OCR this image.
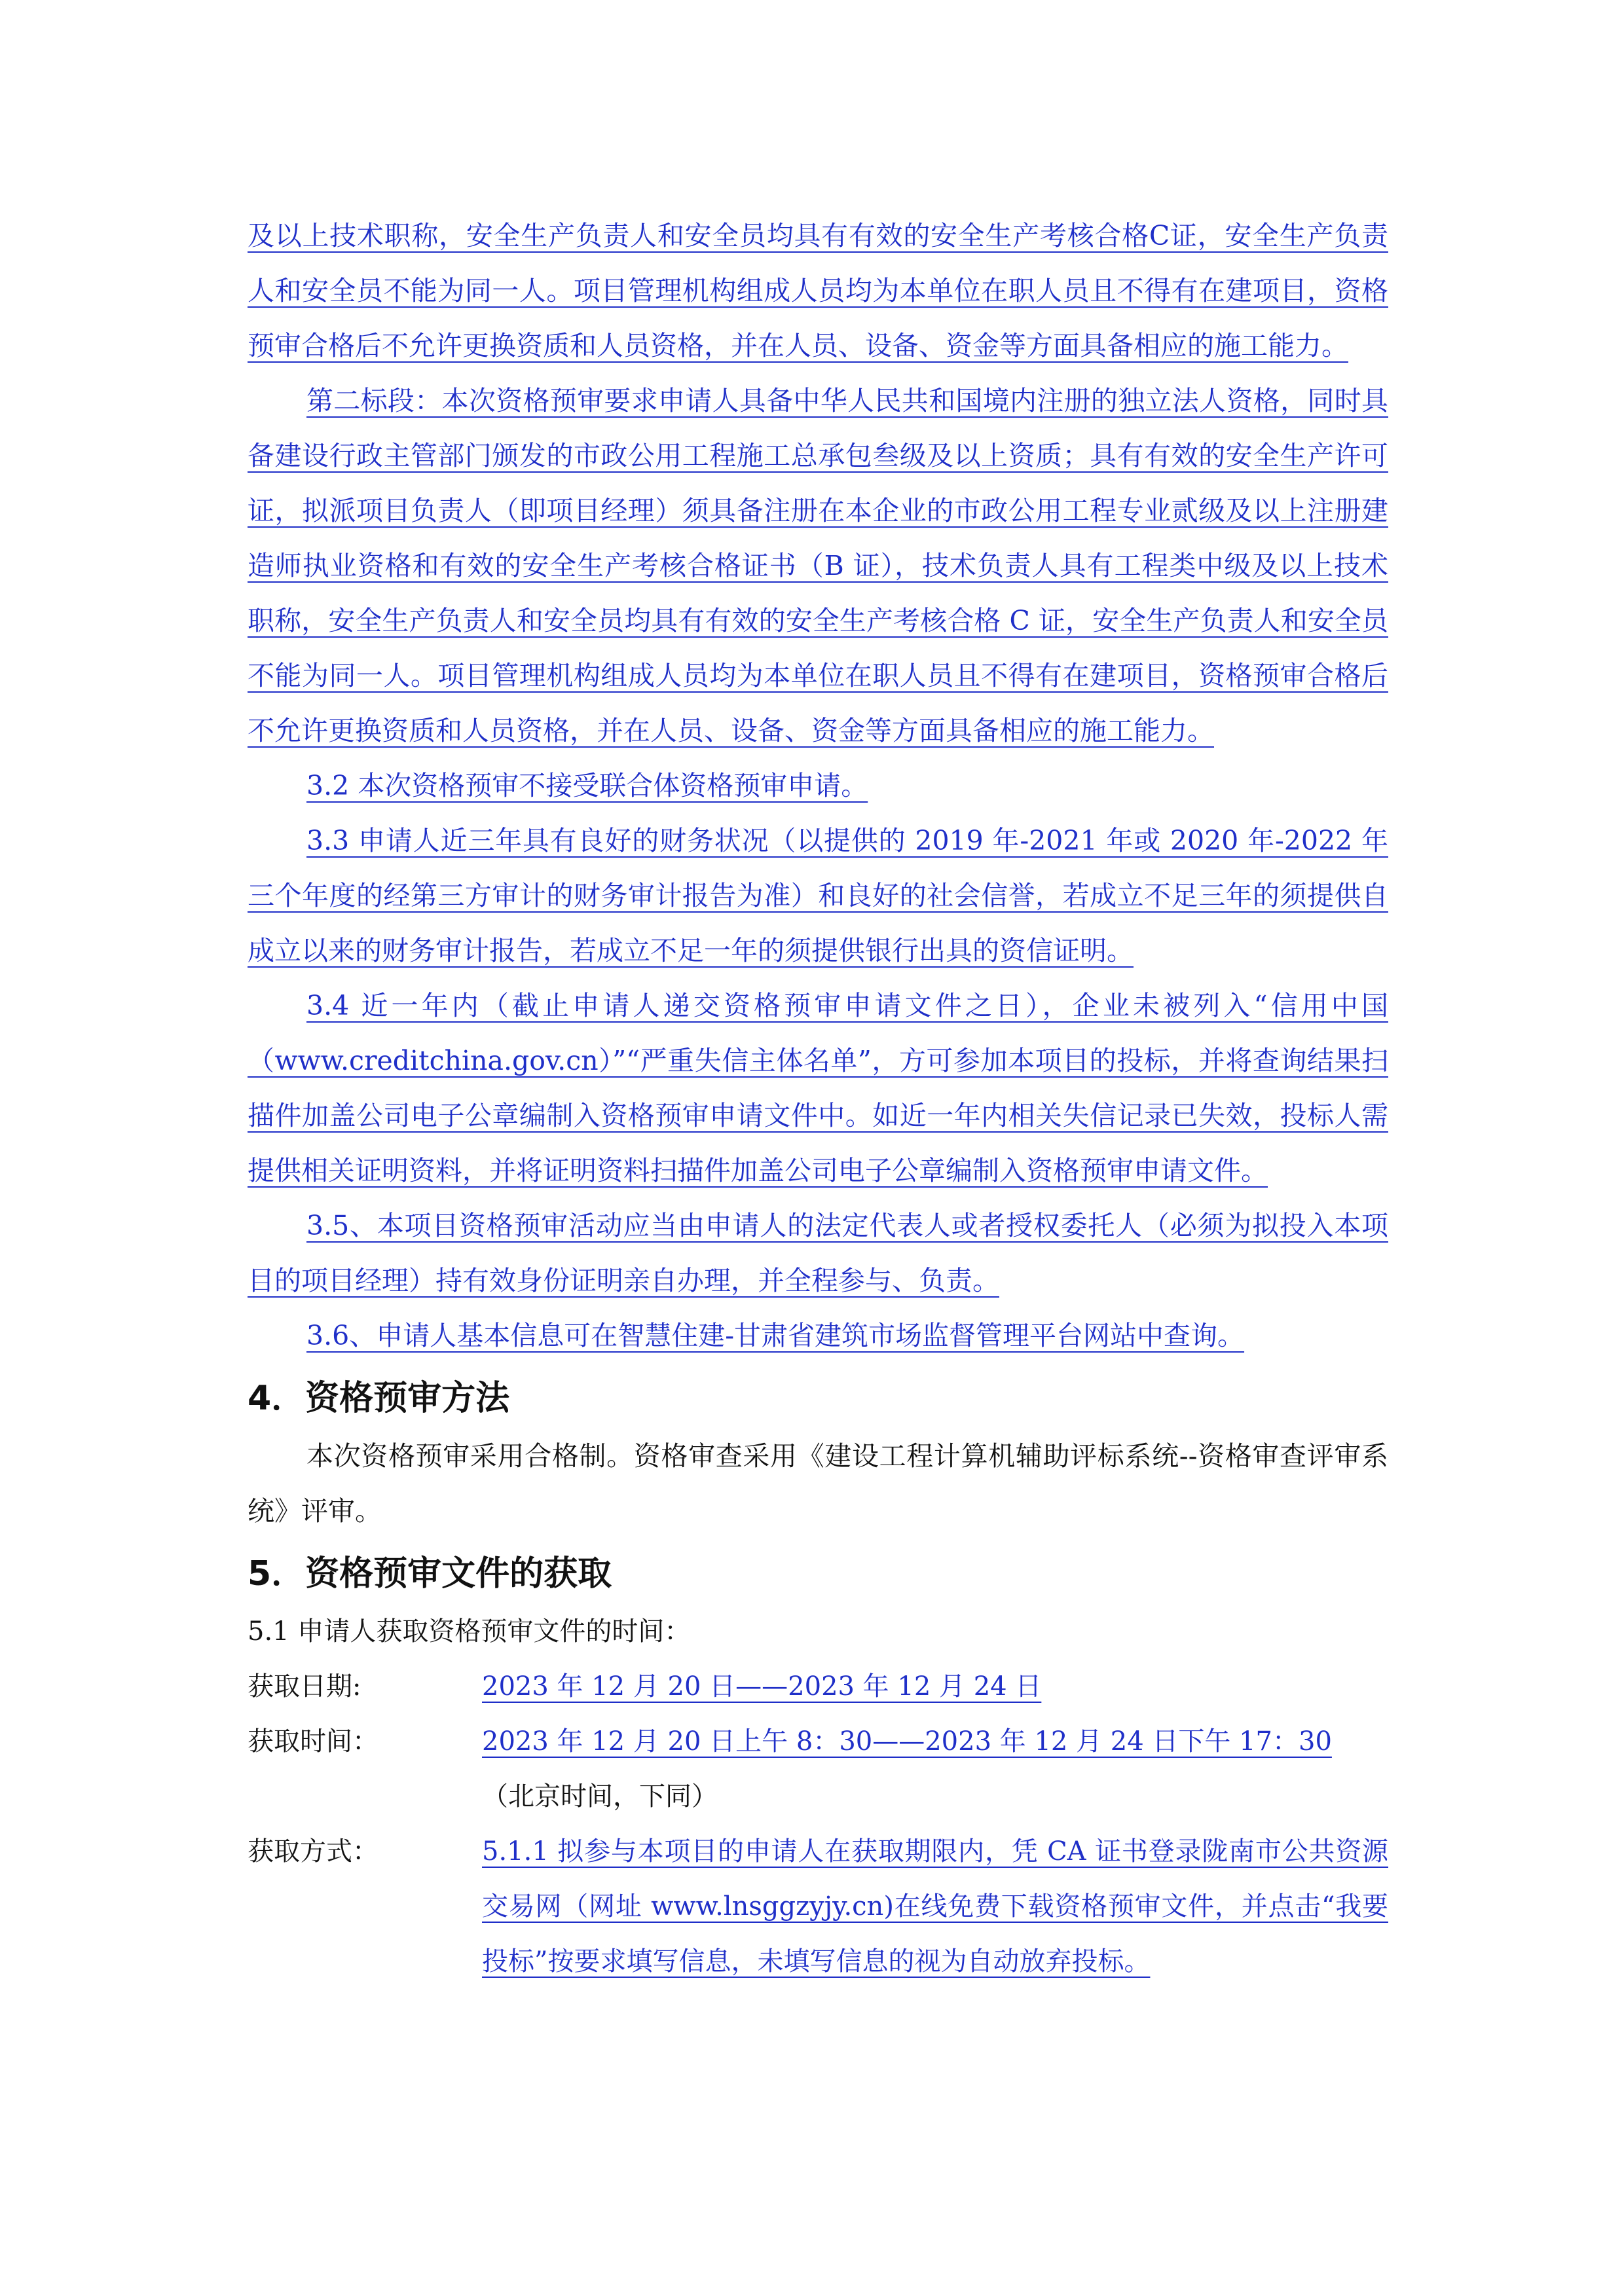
及以上技术职称，安全生产负责人和安全员均具有有效的安全生产考核合格C证，安全生产负责人和安全员不能为同一人。项目管理机构组成人员均为本单位在职人员且不得有在建项目，资格预审合格后不允许更换资质和人员资格，并在人员、设备、资金等方面具备相应的施工能力。

第二标段：本次资格预审要求申请人具备中华人民共和国境内注册的独立法人资格，同时具备建设行政主管部门颁发的市政公用工程施工总承包叁级及以上资质；具有有效的安全生产许可证，拟派项目负责人（即项目经理）须具备注册在本企业的市政公用工程专业贰级及以上注册建造师执业资格和有效的安全生产考核合格证书（B 证），技术负责人具有工程类中级及以上技术职称，安全生产负责人和安全员均具有有效的安全生产考核合格 C 证，安全生产负责人和安全员不能为同一人。项目管理机构组成人员均为本单位在职人员且不得有在建项目，资格预审合格后不允许更换资质和人员资格，并在人员、设备、资金等方面具备相应的施工能力。

3.2 本次资格预审不接受联合体资格预审申请。

3.3 申请人近三年具有良好的财务状况（以提供的 2019 年-2021 年或 2020 年-2022 年三个年度的经第三方审计的财务审计报告为准）和良好的社会信誉，若成立不足三年的须提供自成立以来的财务审计报告，若成立不足一年的须提供银行出具的资信证明。

3.4 近一年内（截止申请人递交资格预审申请文件之日），企业未被列入“信用中国（www.creditchina.gov.cn）”“严重失信主体名单”，方可参加本项目的投标，并将查询结果扫描件加盖公司电子公章编制入资格预审申请文件中。如近一年内相关失信记录已失效，投标人需提供相关证明资料，并将证明资料扫描件加盖公司电子公章编制入资格预审申请文件。

3.5、本项目资格预审活动应当由申请人的法定代表人或者授权委托人（必须为拟投入本项目的项目经理）持有效身份证明亲自办理，并全程参与、负责。

3.6、申请人基本信息可在智慧住建-甘肃省建筑市场监督管理平台网站中查询。

4．资格预审方法

本次资格预审采用合格制。资格审查采用《建设工程计算机辅助评标系统--资格审查评审系统》评审。

5．资格预审文件的获取

5.1 申请人获取资格预审文件的时间：

获取日期:	2023 年 12 月 20 日——2023 年 12 月 24 日
获取时间：	2023 年 12 月 20 日上午 8：30——2023 年 12 月 24 日下午 17：30

（北京时间，下同）

获取方式：	5.1.1 拟参与本项目的申请人在获取期限内，凭 CA 证书登录陇南市公共资源交易网（网址 www.lnsggzyjy.cn)在线免费下载资格预审文件，并点击“我要投标”按要求填写信息，未填写信息的视为自动放弃投标。
